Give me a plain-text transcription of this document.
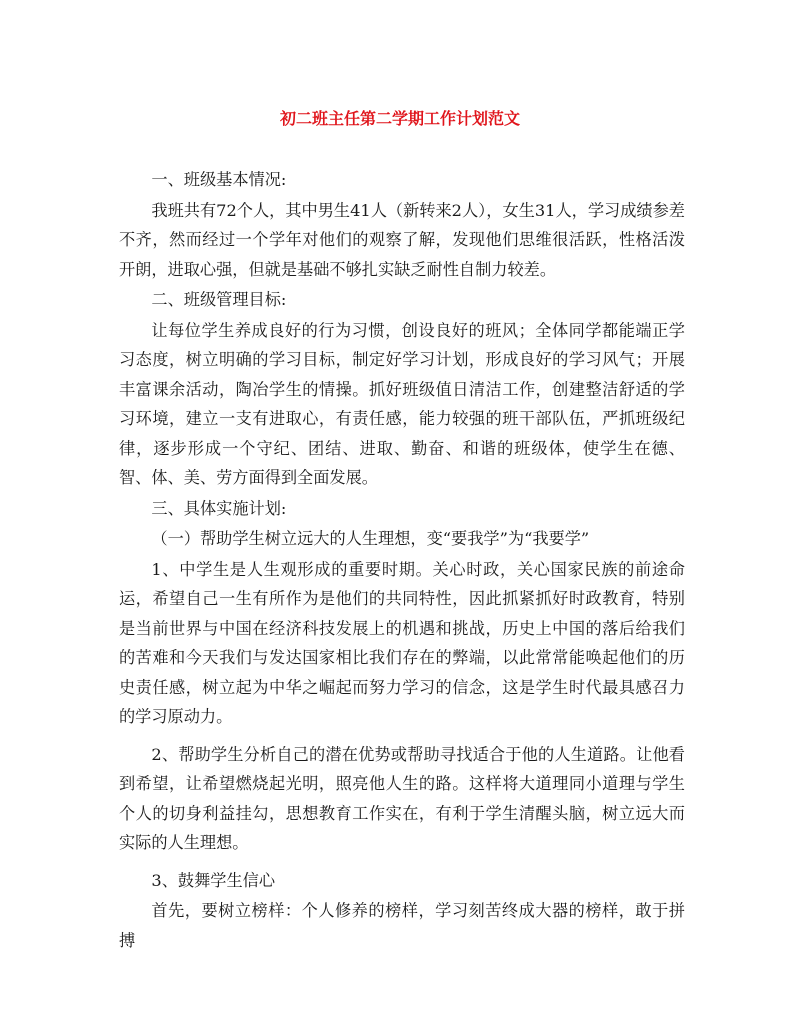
初二班主任第二学期工作计划范文

一、班级基本情况:

我班共有72个人，其中男生41人（新转来2人），女生31人，学习成绩参差不齐，然而经过一个学年对他们的观察了解，发现他们思维很活跃，性格活泼开朗，进取心强，但就是基础不够扎实缺乏耐性自制力较差。

二、班级管理目标:

让每位学生养成良好的行为习惯，创设良好的班风；全体同学都能端正学习态度，树立明确的学习目标，制定好学习计划，形成良好的学习风气；开展丰富课余活动，陶冶学生的情操。抓好班级值日清洁工作，创建整洁舒适的学习环境，建立一支有进取心，有责任感，能力较强的班干部队伍，严抓班级纪律，逐步形成一个守纪、团结、进取、勤奋、和谐的班级体，使学生在德、智、体、美、劳方面得到全面发展。

三、具体实施计划:

（一）帮助学生树立远大的人生理想，变“要我学”为“我要学”

1、中学生是人生观形成的重要时期。关心时政，关心国家民族的前途命运，希望自己一生有所作为是他们的共同特性，因此抓紧抓好时政教育，特别是当前世界与中国在经济科技发展上的机遇和挑战，历史上中国的落后给我们的苦难和今天我们与发达国家相比我们存在的弊端，以此常常能唤起他们的历史责任感，树立起为中华之崛起而努力学习的信念，这是学生时代最具感召力的学习原动力。

2、帮助学生分析自己的潜在优势或帮助寻找适合于他的人生道路。让他看到希望，让希望燃烧起光明，照亮他人生的路。这样将大道理同小道理与学生个人的切身利益挂勾，思想教育工作实在，有利于学生清醒头脑，树立远大而实际的人生理想。

3、鼓舞学生信心

首先，要树立榜样：个人修养的榜样，学习刻苦终成大器的榜样，敢于拼搏
